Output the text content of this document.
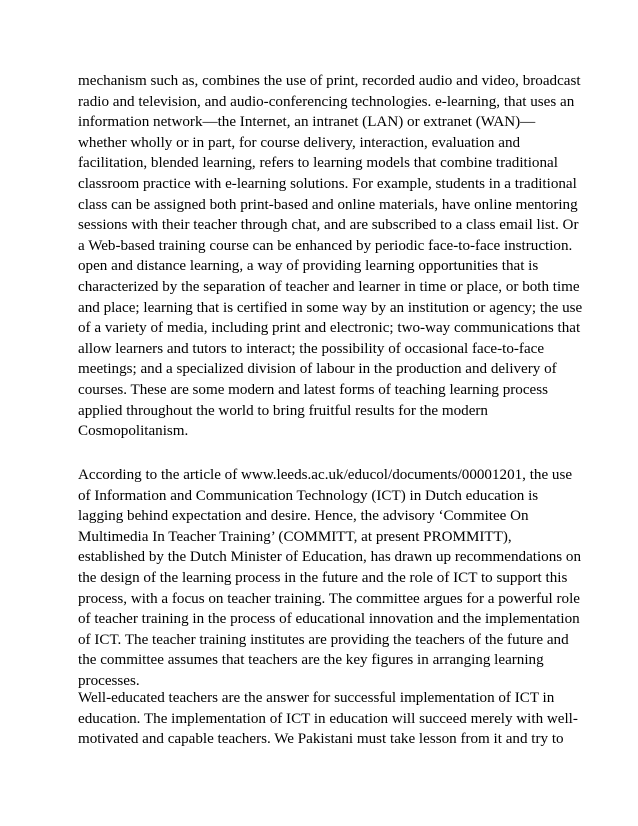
mechanism such as, combines the use of print, recorded audio and video, broadcast
radio and television, and audio-conferencing technologies. e-learning, that uses an
information network—the Internet, an intranet (LAN) or extranet (WAN)—
whether wholly or in part, for course delivery, interaction, evaluation and
facilitation, blended learning, refers to learning models that combine traditional
classroom practice with e-learning solutions. For example, students in a traditional
class can be assigned both print-based and online materials, have online mentoring
sessions with their teacher through chat, and are subscribed to a class email list. Or
a Web-based training course can be enhanced by periodic face-to-face instruction.
open and distance learning, a way of providing learning opportunities that is
characterized by the separation of teacher and learner in time or place, or both time
and place; learning that is certified in some way by an institution or agency; the use
of a variety of media, including print and electronic; two-way communications that
allow learners and tutors to interact; the possibility of occasional face-to-face
meetings; and a specialized division of labour in the production and delivery of
courses. These are some modern and latest forms of teaching learning process
applied throughout the world to bring fruitful results for the modern
Cosmopolitanism.
According to the article of www.leeds.ac.uk/educol/documents/00001201, the use
of Information and Communication Technology (ICT) in Dutch education is
lagging behind expectation and desire. Hence, the advisory ‘Commitee On
Multimedia In Teacher Training’ (COMMITT, at present PROMMITT),
established by the Dutch Minister of Education, has drawn up recommendations on
the design of the learning process in the future and the role of ICT to support this
process, with a focus on teacher training. The committee argues for a powerful role
of teacher training in the process of educational innovation and the implementation
of ICT. The teacher training institutes are providing the teachers of the future and
the committee assumes that teachers are the key figures in arranging learning
processes.
Well-educated teachers are the answer for successful implementation of ICT in
education. The implementation of ICT in education will succeed merely with well-
motivated and capable teachers. We Pakistani must take lesson from it and try to
